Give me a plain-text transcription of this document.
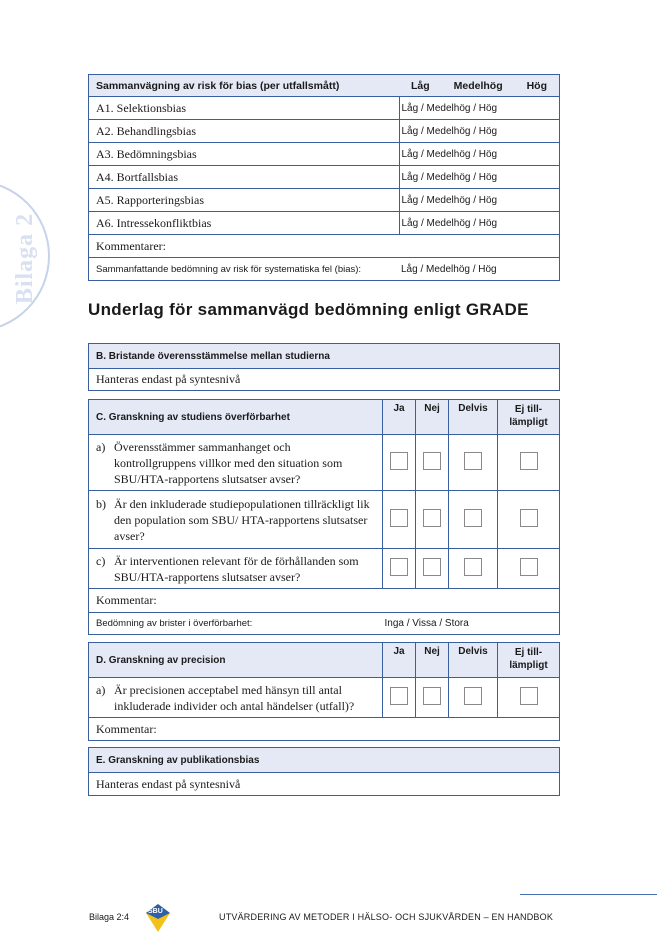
Bilaga 2
Sammanvägning av risk för bias (per utfallsmått)	Låg Medelhög Hög

A1. Selektionsbias	Låg / Medelhög / Hög
A2. Behandlingsbias	Låg / Medelhög / Hög
A3. Bedömningsbias	Låg / Medelhög / Hög
A4. Bortfallsbias	Låg / Medelhög / Hög
A5. Rapporteringsbias	Låg / Medelhög / Hög
A6. Intressekonfliktbias	Låg / Medelhög / Hög
Kommentarer:	
Sammanfattande bedömning av risk för systematiska fel (bias):	Låg / Medelhög / Hög
Underlag för sammanvägd bedömning enligt GRADE
B. Bristande överensstämmelse mellan studierna
Hanteras endast på syntesnivå
C. Granskning av studiens överförbarhet	Ja	Nej	Delvis	Ej till-lämpligt

a) Överensstämmer sammanhanget och kontrollgruppens villkor med den situation som SBU/HTA-rapportens slutsatser avser?				

b) Är den inkluderade studiepopulationen tillräckligt lik den population som SBU/ HTA-rapportens slutsatser avser?				

c) Är interventionen relevant för de förhållanden som SBU/HTA-rapportens slutsatser avser?				

Kommentar:				
Bedömning av brister i överförbarhet:	Inga / Vissa / Stora			
D. Granskning av precision	Ja	Nej	Delvis	Ej till-lämpligt

a) Är precisionen acceptabel med hänsyn till antal inkluderade individer och antal händelser (utfall)?				

Kommentar:				
E. Granskning av publikationsbias
Hanteras endast på syntesnivå
Bilaga 2:4
SBU
UTVÄRDERING AV METODER I HÄLSO- OCH SJUKVÅRDEN – EN HANDBOK
